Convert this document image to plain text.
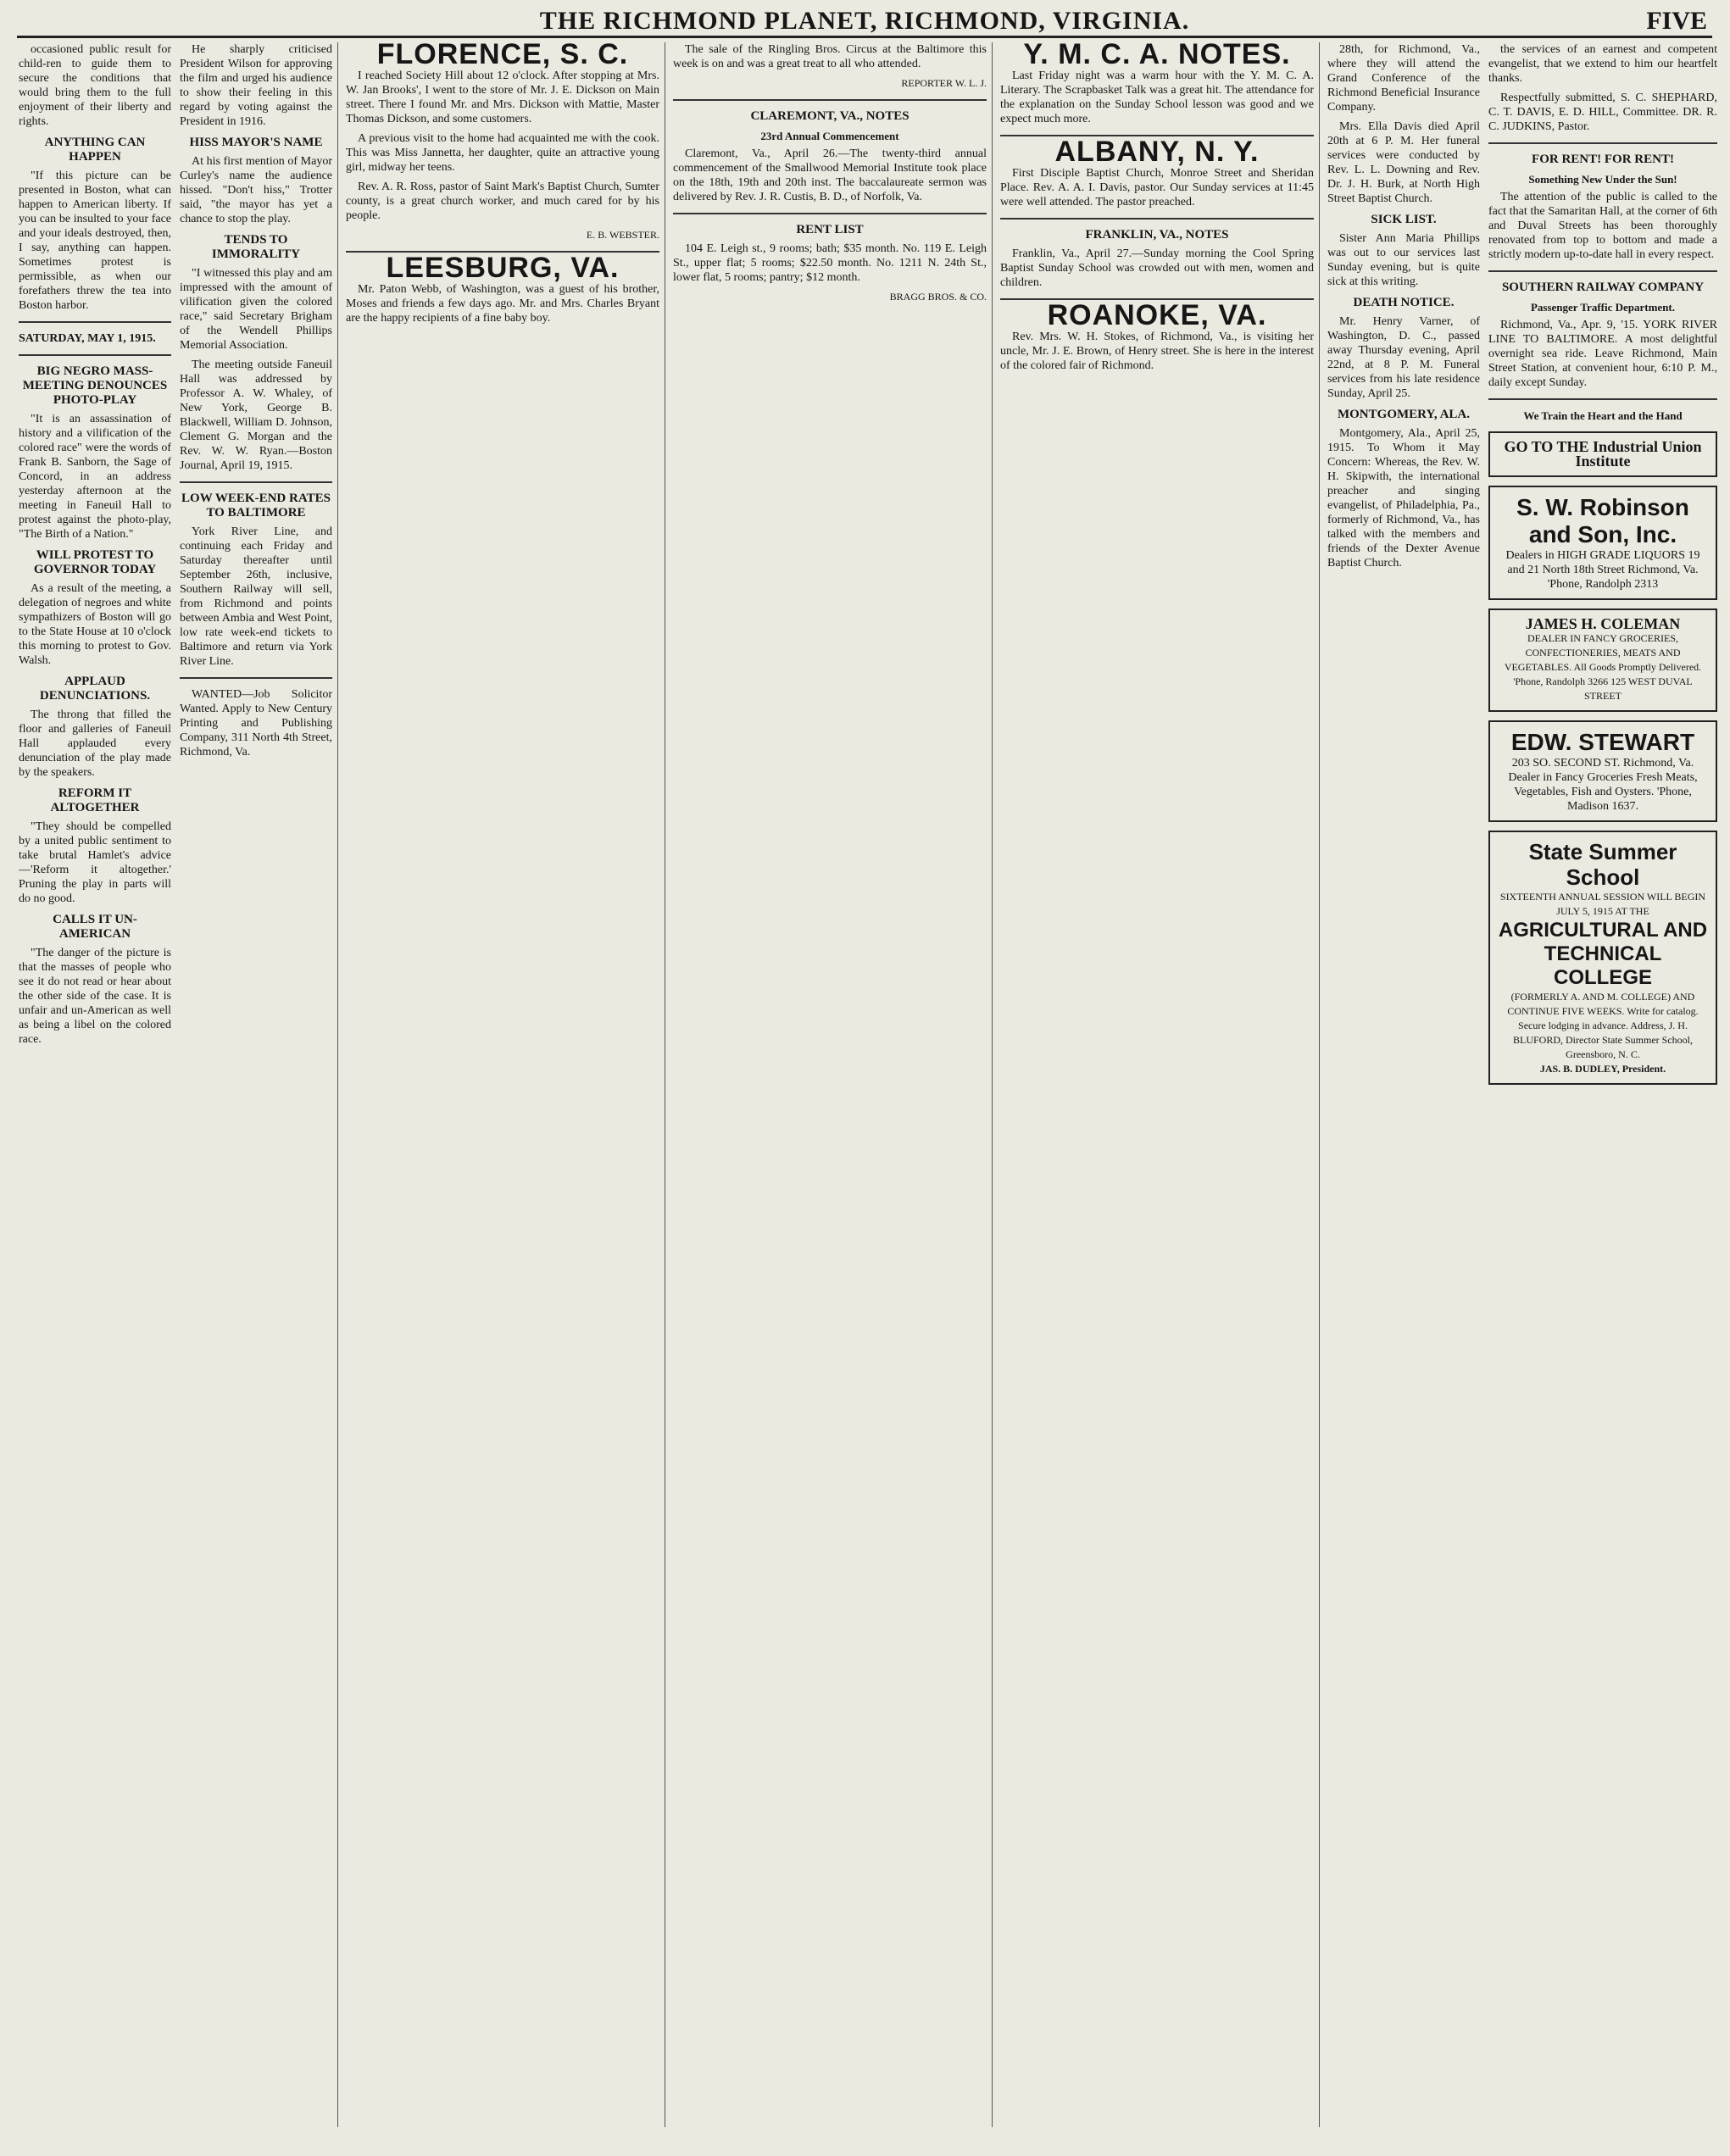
THE RICHMOND PLANET, RICHMOND, VIRGINIA.	FIVE

occasioned public result for child-ren to guide them to secure the conditions that would bring them to the full enjoyment of their liberty and rights.

ANYTHING CAN HAPPEN

"If this picture can be presented in Boston, what can happen to American liberty. If you can be insulted to your face and your ideals destroyed, then, I say, anything can happen. Sometimes protest is permissible, as when our forefathers threw the tea into Boston harbor.

SATURDAY, MAY 1, 1915.
BIG NEGRO MASS-MEETING DENOUNCES PHOTO-PLAY

"It is an assassination of history and a vilification of the colored race" were the words of Frank B. Sanborn, the Sage of Concord, in an address yesterday afternoon at the meeting in Faneuil Hall to protest against the photo-play, "The Birth of a Nation."

WILL PROTEST TO GOVERNOR TODAY

As a result of the meeting, a delegation of negroes and white sympathizers of Boston will go to the State House at 10 o'clock this morning to protest to Gov. Walsh.

APPLAUD DENUNCIATIONS.

The throng that filled the floor and galleries of Faneuil Hall applauded every denunciation of the play made by the speakers.

REFORM IT ALTOGETHER

"They should be compelled by a united public sentiment to take brutal Hamlet's advice—'Reform it altogether.' Pruning the play in parts will do no good.

CALLS IT UN-AMERICAN

"The danger of the picture is that the masses of people who see it do not read or hear about the other side of the case. It is unfair and un-American as well as being a libel on the colored race.

He sharply criticised President Wilson for approving the film and urged his audience to show their feeling in this regard by voting against the President in 1916.

HISS MAYOR'S NAME

At his first mention of Mayor Curley's name the audience hissed. "Don't hiss," Trotter said, "the mayor has yet a chance to stop the play.

TENDS TO IMMORALITY

"I witnessed this play and am impressed with the amount of vilification given the colored race," said Secretary Brigham of the Wendell Phillips Memorial Association.

The meeting outside Faneuil Hall was addressed by Professor A. W. Whaley, of New York, George B. Blackwell, William D. Johnson, Clement G. Morgan and the Rev. W. W. Ryan.—Boston Journal, April 19, 1915.

LOW WEEK-END RATES TO BALTIMORE

York River Line, and continuing each Friday and Saturday thereafter until September 26th, inclusive, Southern Railway will sell, from Richmond and points between Ambia and West Point, low rate week-end tickets to Baltimore and return via York River Line.

WANTED—Job Solicitor Wanted. Apply to New Century Printing and Publishing Company, 311 North 4th Street, Richmond, Va.

FLORENCE, S. C.

I reached Society Hill about 12 o'clock. After stopping at Mrs. W. Jan Brooks', I went to the store of Mr. J. E. Dickson on Main street. There I found Mr. and Mrs. Dickson with Mattie, Master Thomas Dickson, and some customers.

A previous visit to the home had acquainted me with the cook. This was Miss Jannetta, her daughter, quite an attractive young girl, midway her teens.

Rev. A. R. Ross, pastor of Saint Mark's Baptist Church, Sumter county, is a great church worker, and much cared for by his people.

E. B. WEBSTER.
LEESBURG, VA.

Mr. Paton Webb, of Washington, was a guest of his brother, Moses and friends a few days ago. Mr. and Mrs. Charles Bryant are the happy recipients of a fine baby boy.

The sale of the Ringling Bros. Circus at the Baltimore this week is on and was a great treat to all who attended.

REPORTER W. L. J.
CLAREMONT, VA., NOTES
23rd Annual Commencement

Claremont, Va., April 26.—The twenty-third annual commencement of the Smallwood Memorial Institute took place on the 18th, 19th and 20th inst. The baccalaureate sermon was delivered by Rev. J. R. Custis, B. D., of Norfolk, Va.

RENT LIST

104 E. Leigh st., 9 rooms; bath; $35 month. No. 119 E. Leigh St., upper flat; 5 rooms; $22.50 month. No. 1211 N. 24th St., lower flat, 5 rooms; pantry; $12 month.

BRAGG BROS. & CO.
Y. M. C. A. NOTES.

Last Friday night was a warm hour with the Y. M. C. A. Literary. The Scrapbasket Talk was a great hit. The attendance for the explanation on the Sunday School lesson was good and we expect much more.

ALBANY, N. Y.

First Disciple Baptist Church, Monroe Street and Sheridan Place. Rev. A. A. I. Davis, pastor. Our Sunday services at 11:45 were well attended. The pastor preached.

FRANKLIN, VA., NOTES

Franklin, Va., April 27.—Sunday morning the Cool Spring Baptist Sunday School was crowded out with men, women and children.

ROANOKE, VA.

Rev. Mrs. W. H. Stokes, of Richmond, Va., is visiting her uncle, Mr. J. E. Brown, of Henry street. She is here in the interest of the colored fair of Richmond.

28th, for Richmond, Va., where they will attend the Grand Conference of the Richmond Beneficial Insurance Company.

Mrs. Ella Davis died April 20th at 6 P. M. Her funeral services were conducted by Rev. L. L. Downing and Rev. Dr. J. H. Burk, at North High Street Baptist Church.

SICK LIST.

Sister Ann Maria Phillips was out to our services last Sunday evening, but is quite sick at this writing.

DEATH NOTICE.

Mr. Henry Varner, of Washington, D. C., passed away Thursday evening, April 22nd, at 8 P. M. Funeral services from his late residence Sunday, April 25.

MONTGOMERY, ALA.

Montgomery, Ala., April 25, 1915. To Whom it May Concern: Whereas, the Rev. W. H. Skipwith, the international preacher and singing evangelist, of Philadelphia, Pa., formerly of Richmond, Va., has talked with the members and friends of the Dexter Avenue Baptist Church.

the services of an earnest and competent evangelist, that we extend to him our heartfelt thanks.

Respectfully submitted, S. C. SHEPHARD, C. T. DAVIS, E. D. HILL, Committee. DR. R. C. JUDKINS, Pastor.

FOR RENT! FOR RENT!
Something New Under the Sun!

The attention of the public is called to the fact that the Samaritan Hall, at the corner of 6th and Duval Streets has been thoroughly renovated from top to bottom and made a strictly modern up-to-date hall in every respect.

SOUTHERN RAILWAY COMPANY
Passenger Traffic Department.

Richmond, Va., Apr. 9, '15. YORK RIVER LINE TO BALTIMORE. A most delightful overnight sea ride. Leave Richmond, Main Street Station, at convenient hour, 6:10 P. M., daily except Sunday.

We Train the Heart and the Hand
GO TO THE Industrial Union Institute
S. W. Robinson and Son, Inc.
Dealers in HIGH GRADE LIQUORS 19 and 21 North 18th Street Richmond, Va. 'Phone, Randolph 2313
JAMES H. COLEMAN
DEALER IN FANCY GROCERIES, CONFECTIONERIES, MEATS AND VEGETABLES. All Goods Promptly Delivered. 'Phone, Randolph 3266 125 WEST DUVAL STREET
EDW. STEWART
203 SO. SECOND ST. Richmond, Va. Dealer in Fancy Groceries Fresh Meats, Vegetables, Fish and Oysters. 'Phone, Madison 1637.
State Summer School
SIXTEENTH ANNUAL SESSION WILL BEGIN JULY 5, 1915 AT THE
AGRICULTURAL AND TECHNICAL COLLEGE
(FORMERLY A. AND M. COLLEGE) AND CONTINUE FIVE WEEKS. Write for catalog. Secure lodging in advance. Address, J. H. BLUFORD, Director State Summer School, Greensboro, N. C.
JAS. B. DUDLEY, President.
